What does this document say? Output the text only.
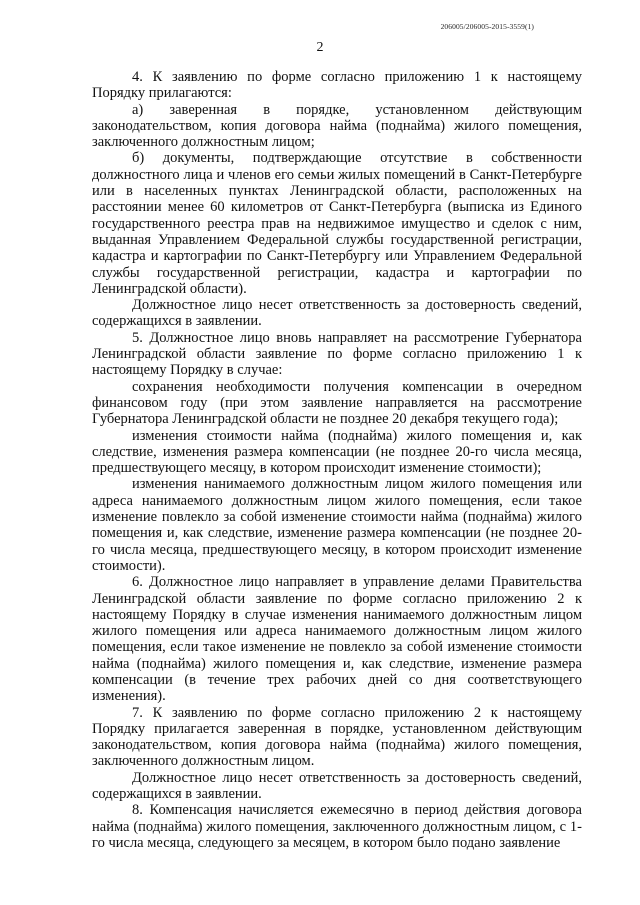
206005/206005-2015-3559(1)
2

4. К заявлению по форме согласно приложению 1 к настоящему Порядку прилагаются:

а) заверенная в порядке, установленном действующим законодательством, копия договора найма (поднайма) жилого помещения, заключенного должностным лицом;

б) документы, подтверждающие отсутствие в собственности должностного лица и членов его семьи жилых помещений в Санкт-Петербурге или в населенных пунктах Ленинградской области, расположенных на расстоянии менее 60 километров от Санкт-Петербурга (выписка из Единого государственного реестра прав на недвижимое имущество и сделок с ним, выданная Управлением Федеральной службы государственной регистрации, кадастра и картографии по Санкт-Петербургу или Управлением Федеральной службы государственной регистрации, кадастра и картографии по Ленинградской области).

Должностное лицо несет ответственность за достоверность сведений, содержащихся в заявлении.

5. Должностное лицо вновь направляет на рассмотрение Губернатора Ленинградской области заявление по форме согласно приложению 1 к настоящему Порядку в случае:

сохранения необходимости получения компенсации в очередном финансовом году (при этом заявление направляется на рассмотрение Губернатора Ленинградской области не позднее 20 декабря текущего года);

изменения стоимости найма (поднайма) жилого помещения и, как следствие, изменения размера компенсации (не позднее 20-го числа месяца, предшествующего месяцу, в котором происходит изменение стоимости);

изменения нанимаемого должностным лицом жилого помещения или адреса нанимаемого должностным лицом жилого помещения, если такое изменение повлекло за собой изменение стоимости найма (поднайма) жилого помещения и, как следствие, изменение размера компенсации (не позднее 20-го числа месяца, предшествующего месяцу, в котором происходит изменение стоимости).

6. Должностное лицо направляет в управление делами Правительства Ленинградской области заявление по форме согласно приложению 2 к настоящему Порядку в случае изменения нанимаемого должностным лицом жилого помещения или адреса нанимаемого должностным лицом жилого помещения, если такое изменение не повлекло за собой изменение стоимости найма (поднайма) жилого помещения и, как следствие, изменение размера компенсации (в течение трех рабочих дней со дня соответствующего изменения).

7. К заявлению по форме согласно приложению 2 к настоящему Порядку прилагается заверенная в порядке, установленном действующим законодательством, копия договора найма (поднайма) жилого помещения, заключенного должностным лицом.

Должностное лицо несет ответственность за достоверность сведений, содержащихся в заявлении.

8. Компенсация начисляется ежемесячно в период действия договора найма (поднайма) жилого помещения, заключенного должностным лицом, с 1-го числа месяца, следующего за месяцем, в котором было подано заявление
